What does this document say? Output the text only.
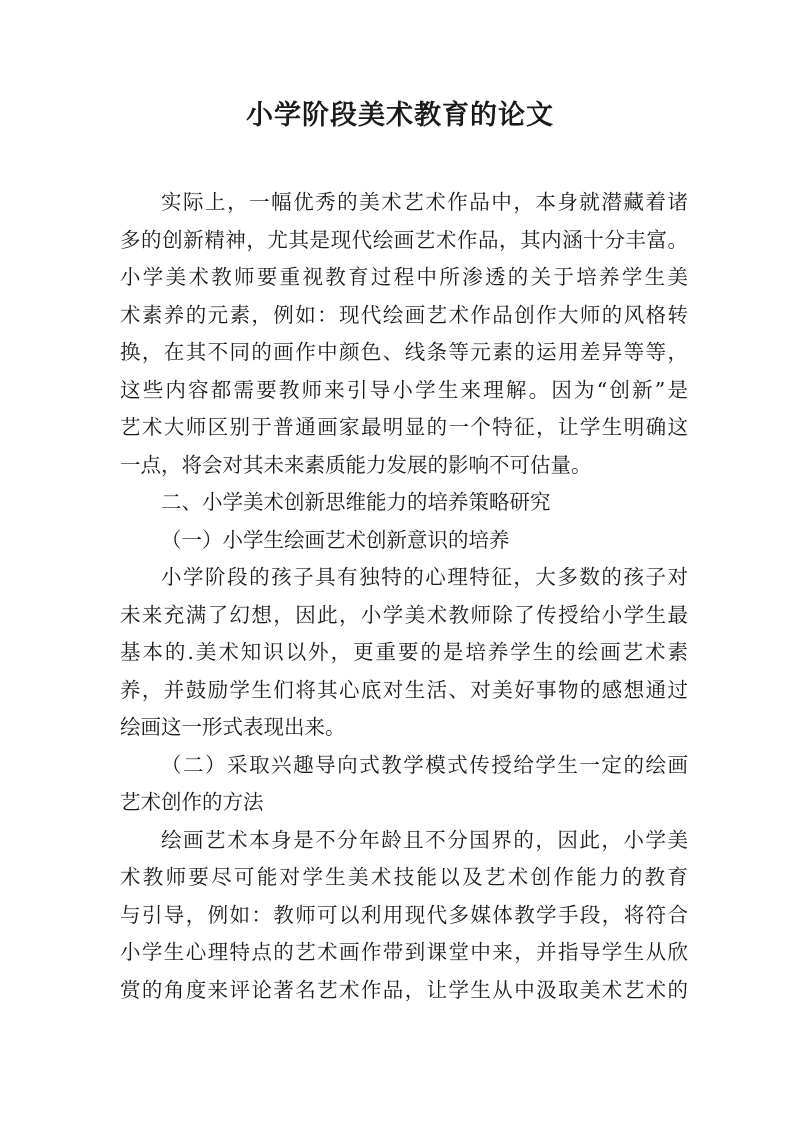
小学阶段美术教育的论文
实际上，一幅优秀的美术艺术作品中，本身就潜藏着诸
多的创新精神，尤其是现代绘画艺术作品，其内涵十分丰富。
小学美术教师要重视教育过程中所渗透的关于培养学生美
术素养的元素，例如：现代绘画艺术作品创作大师的风格转
换，在其不同的画作中颜色、线条等元素的运用差异等等，
这些内容都需要教师来引导小学生来理解。因为“创新”是
艺术大师区别于普通画家最明显的一个特征，让学生明确这
一点，将会对其未来素质能力发展的影响不可估量。
二、小学美术创新思维能力的培养策略研究
（一）小学生绘画艺术创新意识的培养
小学阶段的孩子具有独特的心理特征，大多数的孩子对
未来充满了幻想，因此，小学美术教师除了传授给小学生最
基本的.美术知识以外，更重要的是培养学生的绘画艺术素
养，并鼓励学生们将其心底对生活、对美好事物的感想通过
绘画这一形式表现出来。
（二）采取兴趣导向式教学模式传授给学生一定的绘画
艺术创作的方法
绘画艺术本身是不分年龄且不分国界的，因此，小学美
术教师要尽可能对学生美术技能以及艺术创作能力的教育
与引导，例如：教师可以利用现代多媒体教学手段，将符合
小学生心理特点的艺术画作带到课堂中来，并指导学生从欣
赏的角度来评论著名艺术作品，让学生从中汲取美术艺术的
